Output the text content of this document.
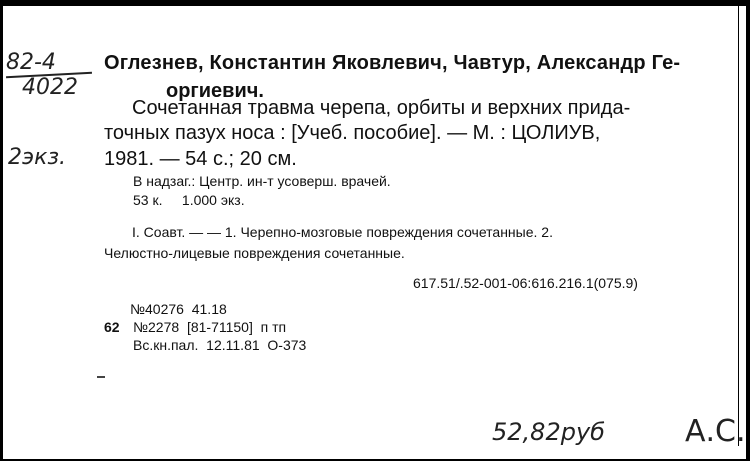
82-4
4022
2экз.
Оглезнев, Константин Яковлевич, Чавтур, Александр Ге-
оргиевич.
Сочетанная травма черепа, орбиты и верхних прида-
точных пазух носа : [Учеб. пособие]. — М. : ЦОЛИУВ,
1981. — 54 с.; 20 см.
В надзаг.: Центр. ин-т усоверш. врачей.
53 к.     1.000 экз.
I. Соавт. — — 1. Черепно-мозговые повреждения сочетанные. 2.
Челюстно-лицевые повреждения сочетанные.
617.51/.52-001-06:616.216.1(075.9)
№40276  41.18
62 №2278  [81-71150]  п тп
Вс.кн.пал.  12.11.81  О-373
52,82руб	А.С.
